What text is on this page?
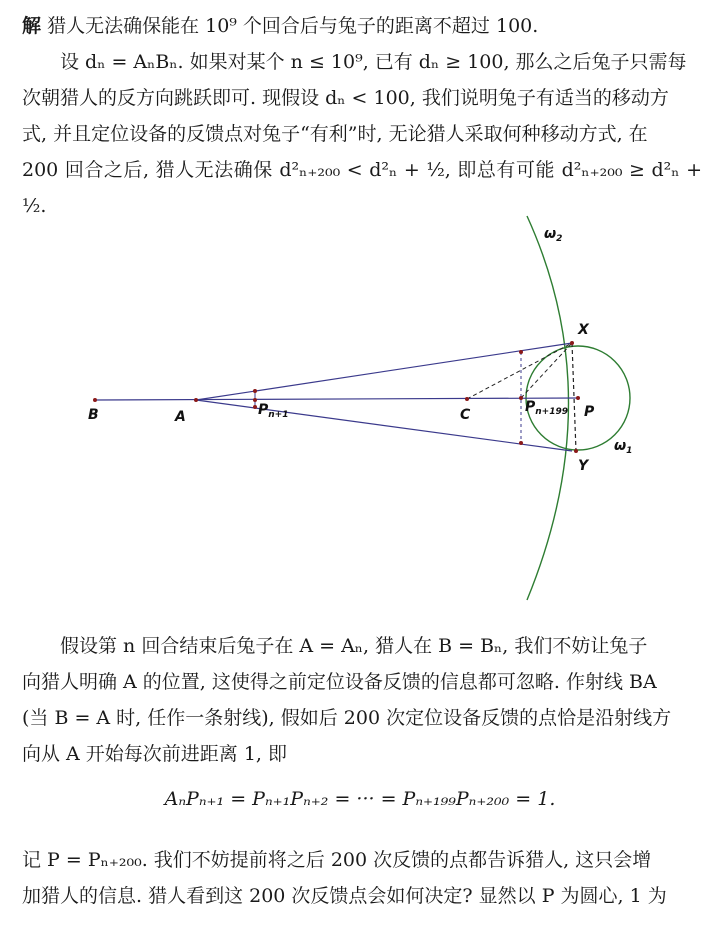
解 猎人无法确保能在 10⁹ 个回合后与兔子的距离不超过 100.

设 dₙ = AₙBₙ. 如果对某个 n ≤ 10⁹, 已有 dₙ ≥ 100, 那么之后兔子只需每

次朝猎人的反方向跳跃即可. 现假设 dₙ < 100, 我们说明兔子有适当的移动方

式, 并且定位设备的反馈点对兔子“有利”时, 无论猎人采取何种移动方式, 在

200 回合之后, 猎人无法确保 d²ₙ₊₂₀₀ < d²ₙ + ½, 即总有可能 d²ₙ₊₂₀₀ ≥ d²ₙ + ½.

B	A	$P_{n+1}$	C	$P_{n+199}$ P
X
Y
$\omega_1$
$\omega_2$

假设第 n 回合结束后兔子在 A = Aₙ, 猎人在 B = Bₙ, 我们不妨让兔子

向猎人明确 A 的位置, 这使得之前定位设备反馈的信息都可忽略. 作射线 BA

(当 B = A 时, 任作一条射线), 假如后 200 次定位设备反馈的点恰是沿射线方

向从 A 开始每次前进距离 1, 即

AₙPₙ₊₁ = Pₙ₊₁Pₙ₊₂ = ··· = Pₙ₊₁₉₉Pₙ₊₂₀₀ = 1.

记 P = Pₙ₊₂₀₀. 我们不妨提前将之后 200 次反馈的点都告诉猎人, 这只会增

加猎人的信息. 猎人看到这 200 次反馈点会如何决定? 显然以 P 为圆心, 1 为
